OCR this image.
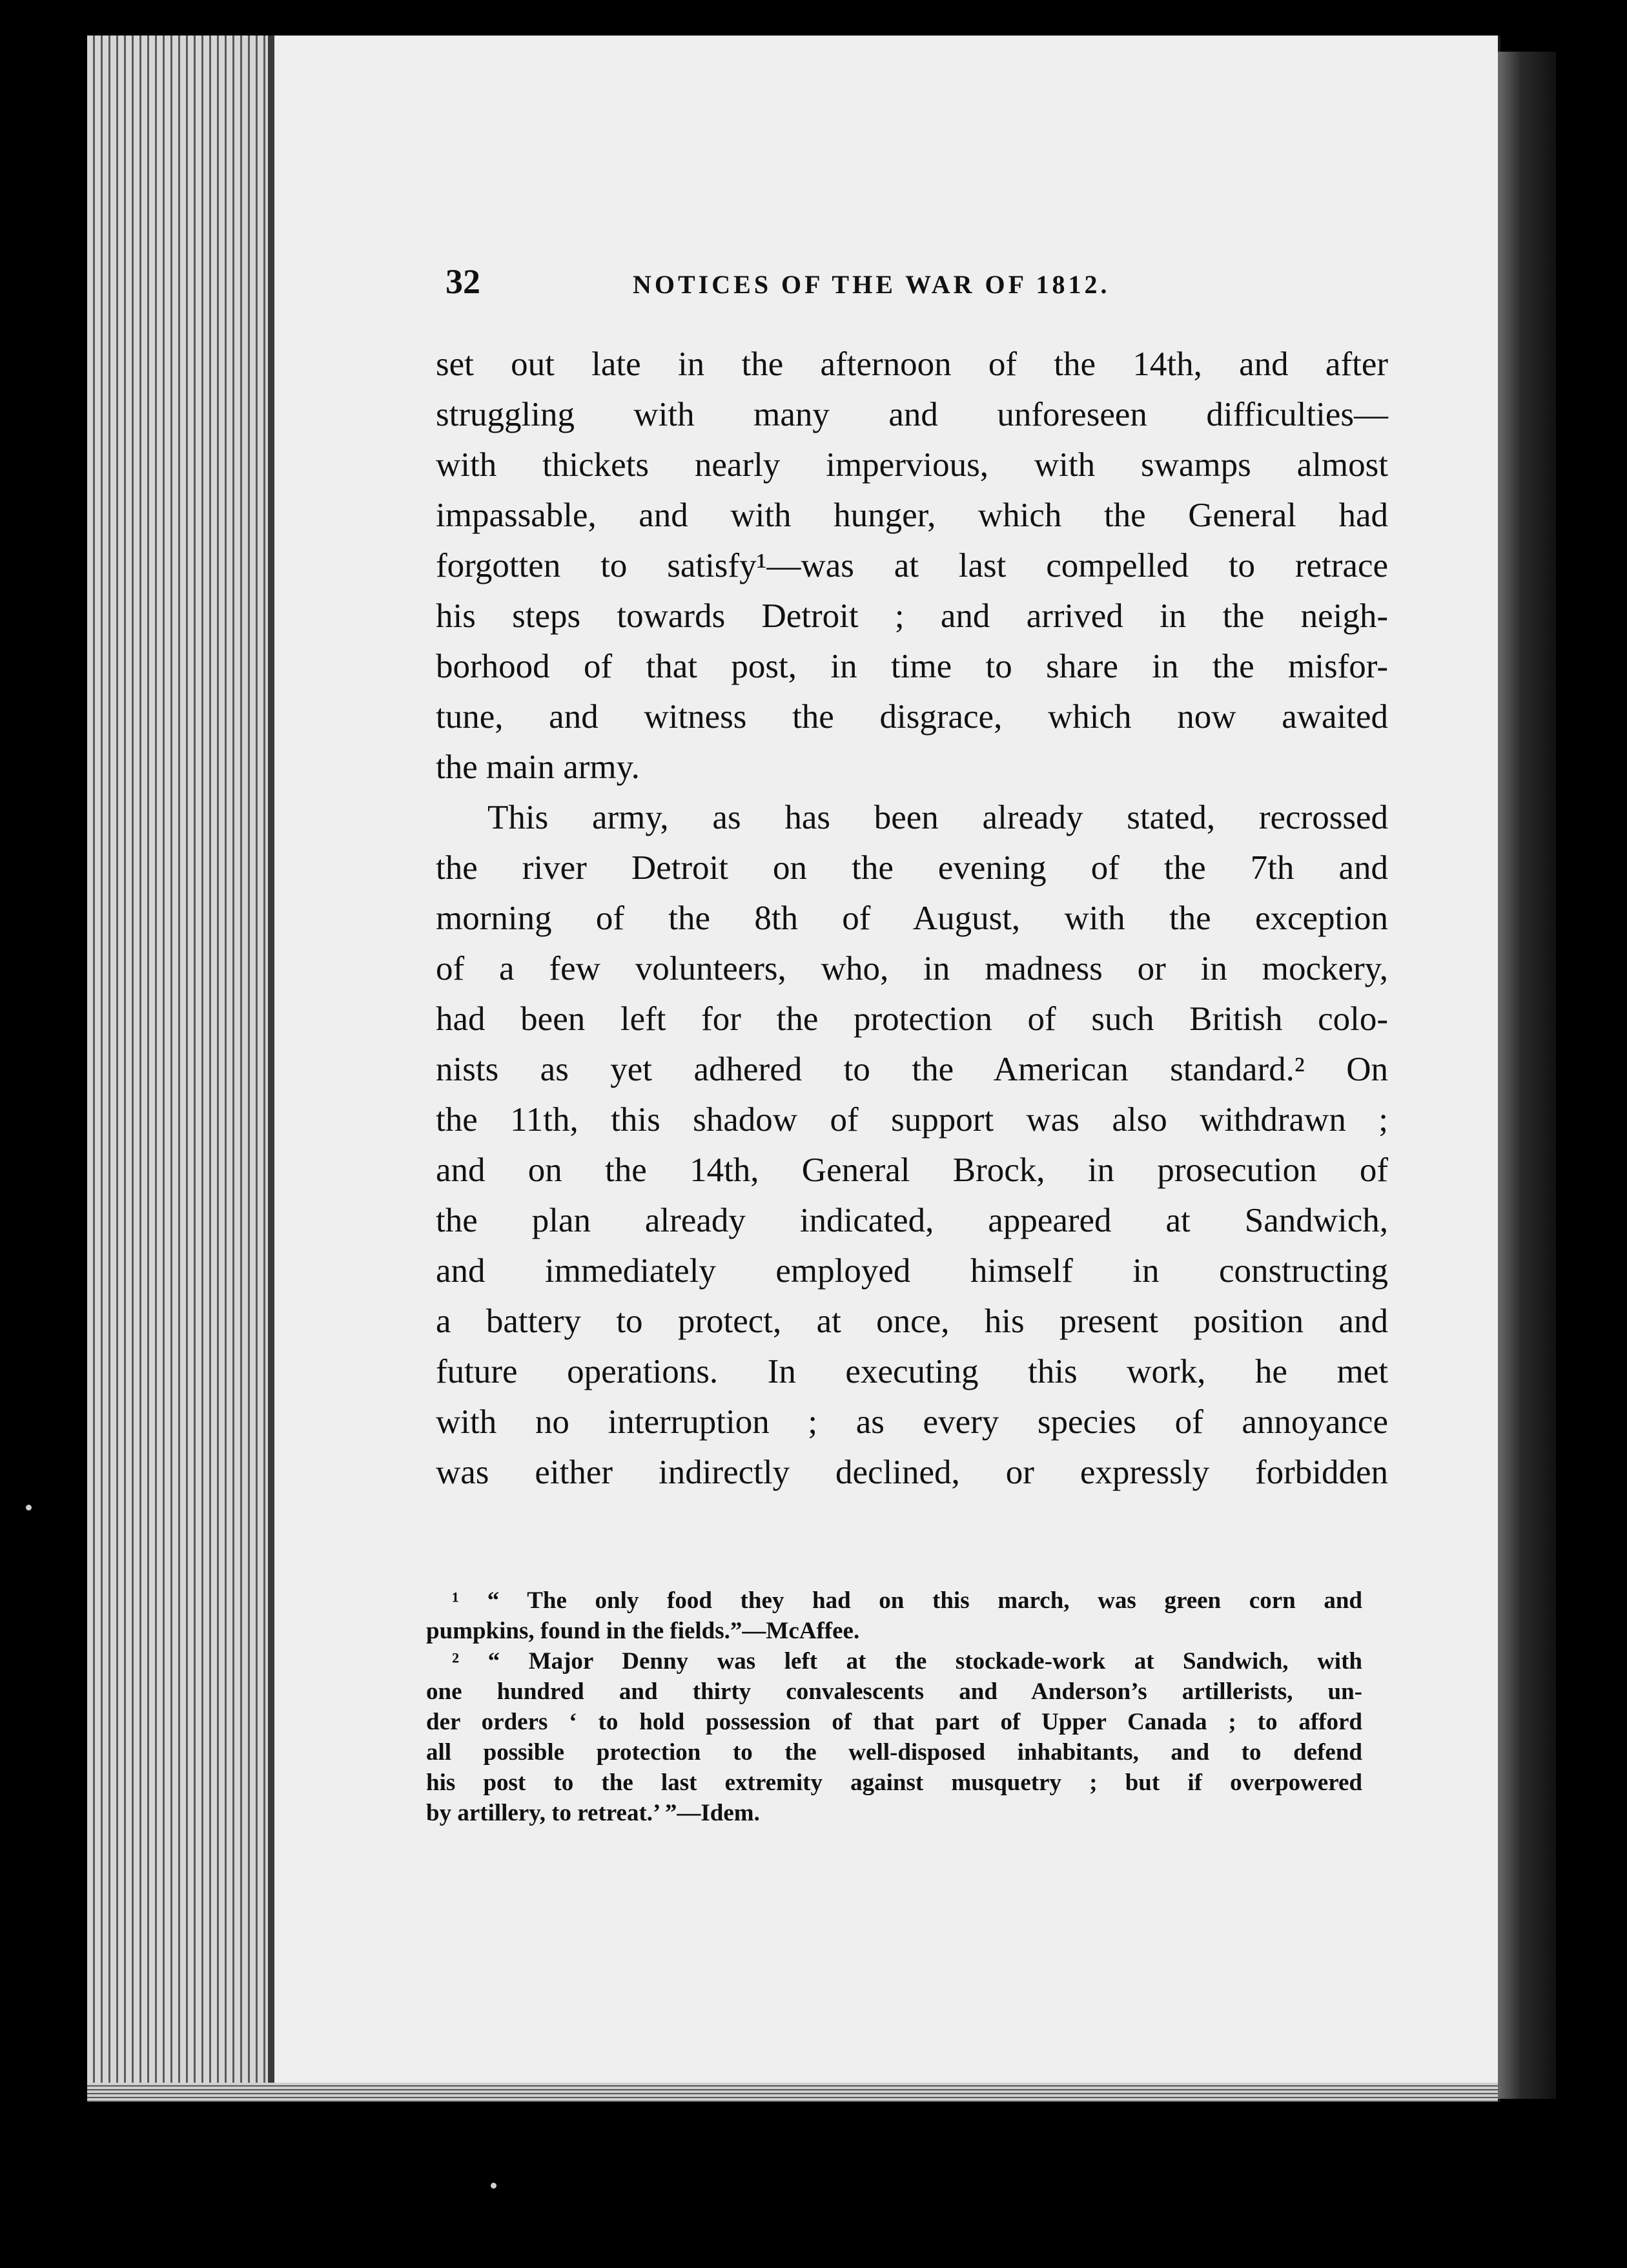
32	NOTICES OF THE WAR OF 1812.
set out late in the afternoon of the 14th, and after
struggling with many and unforeseen difficulties—
with thickets nearly impervious, with swamps almost
impassable, and with hunger, which the General had
forgotten to satisfy¹—was at last compelled to retrace
his steps towards Detroit ; and arrived in the neigh-
borhood of that post, in time to share in the misfor-
tune, and witness the disgrace, which now awaited
the main army.
This army, as has been already stated, recrossed
the river Detroit on the evening of the 7th and
morning of the 8th of August, with the exception
of a few volunteers, who, in madness or in mockery,
had been left for the protection of such British colo-
nists as yet adhered to the American standard.² On
the 11th, this shadow of support was also withdrawn ;
and on the 14th, General Brock, in prosecution of
the plan already indicated, appeared at Sandwich,
and immediately employed himself in constructing
a battery to protect, at once, his present position and
future operations. In executing this work, he met
with no interruption ; as every species of annoyance
was either indirectly declined, or expressly forbidden
¹ “ The only food they had on this march, was green corn and
pumpkins, found in the fields.”—McAffee.
² “ Major Denny was left at the stockade-work at Sandwich, with
one hundred and thirty convalescents and Anderson’s artillerists, un-
der orders ‘ to hold possession of that part of Upper Canada ; to afford
all possible protection to the well-disposed inhabitants, and to defend
his post to the last extremity against musquetry ; but if overpowered
by artillery, to retreat.’ ”—Idem.
